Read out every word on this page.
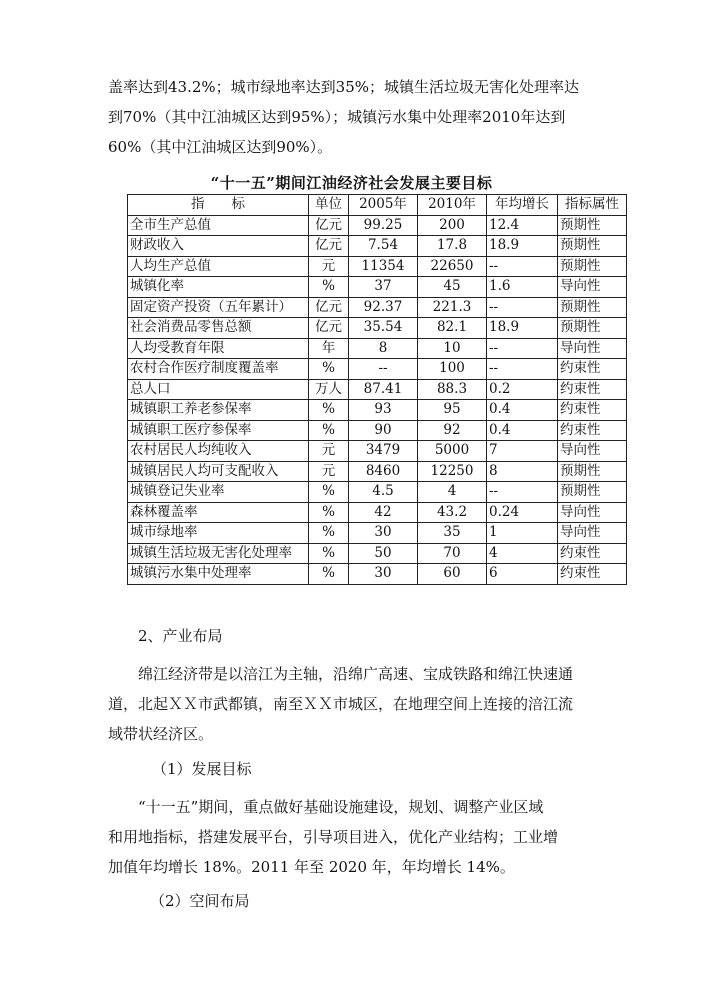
盖率达到43.2%；城市绿地率达到35%；城镇生活垃圾无害化处理率达
到70%（其中江油城区达到95%）；城镇污水集中处理率2010年达到
60%（其中江油城区达到90%）。
“十一五”期间江油经济社会发展主要目标
指　　标	单位	2005年	2010年	年均增长	指标属性
全市生产总值	亿元	99.25	200	12.4	预期性
财政收入	亿元	7.54	17.8	18.9	预期性
人均生产总值	元	11354	22650	--	预期性
城镇化率	%	37	45	1.6	导向性
固定资产投资（五年累计）	亿元	92.37	221.3	--	预期性
社会消费品零售总额	亿元	35.54	82.1	18.9	预期性
人均受教育年限	年	8	10	--	导向性
农村合作医疗制度覆盖率	%	--	100	--	约束性
总人口	万人	87.41	88.3	0.2	约束性
城镇职工养老参保率	%	93	95	0.4	约束性
城镇职工医疗参保率	%	90	92	0.4	约束性
农村居民人均纯收入	元	3479	5000	7	导向性
城镇居民人均可支配收入	元	8460	12250	8	预期性
城镇登记失业率	%	4.5	4	--	预期性
森林覆盖率	%	42	43.2	0.24	导向性
城市绿地率	%	30	35	1	导向性
城镇生活垃圾无害化处理率	%	50	70	4	约束性
城镇污水集中处理率	%	30	60	6	约束性

2、产业布局

绵江经济带是以涪江为主轴，沿绵广高速、宝成铁路和绵江快速通
道，北起ＸＸ市武都镇，南至ＸＸ市城区，在地理空间上连接的涪江流
域带状经济区。

（1）发展目标

“十一五”期间，重点做好基础设施建设，规划、调整产业区域
和用地指标，搭建发展平台，引导项目进入，优化产业结构；工业增
加值年均增长 18%。2011 年至 2020 年，年均增长 14%。

（2）空间布局
